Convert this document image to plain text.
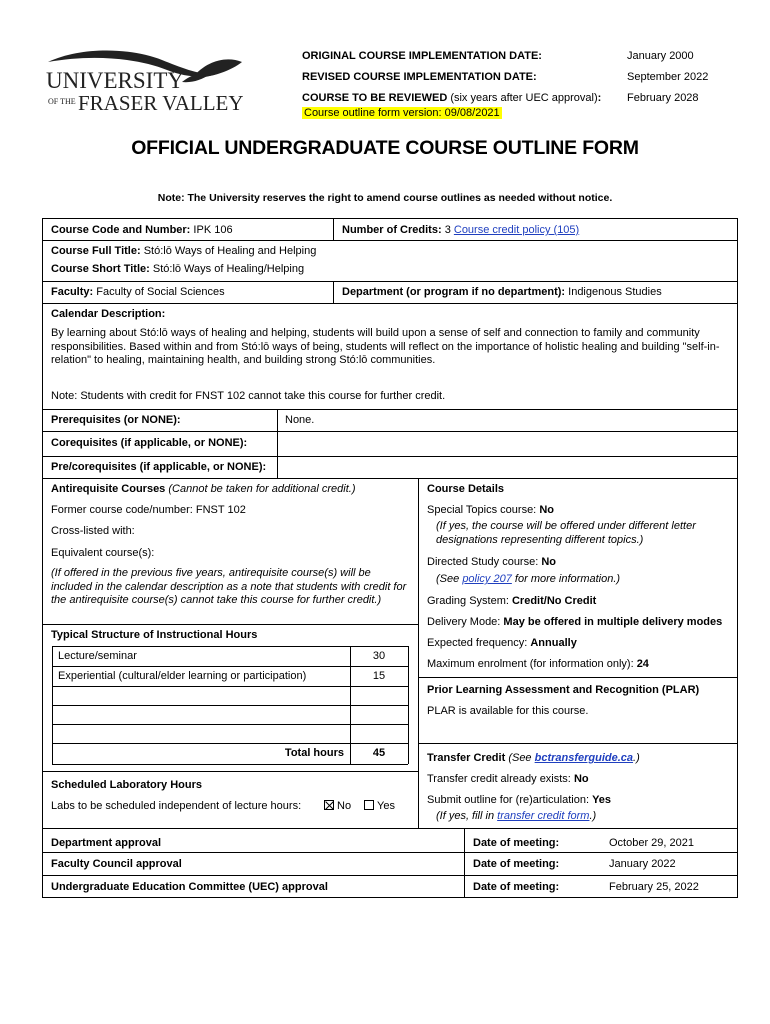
UNIVERSITY
OF THE FRASER VALLEY
ORIGINAL COURSE IMPLEMENTATION DATE:	January 2000
REVISED COURSE IMPLEMENTATION DATE:	September 2022
COURSE TO BE REVIEWED (six years after UEC approval): February 2028
Course outline form version: 09/08/2021
OFFICIAL UNDERGRADUATE COURSE OUTLINE FORM
Note: The University reserves the right to amend course outlines as needed without notice.
Course Code and Number: IPK 106	Number of Credits: 3 Course credit policy (105)
Course Full Title: Stó:lō Ways of Healing and Helping
Course Short Title: Stó:lō Ways of Healing/Helping
Faculty: Faculty of Social Sciences	Department (or program if no department): Indigenous Studies
Calendar Description:
By learning about Stó:lō ways of healing and helping, students will build upon a sense of self and connection to family and community responsibilities. Based within and from Stó:lō ways of being, students will reflect on the importance of holistic healing and building "self-in-relation" to healing, maintaining health, and building strong Stó:lō communities.
Note: Students with credit for FNST 102 cannot take this course for further credit.
Prerequisites (or NONE):	None.
Corequisites (if applicable, or NONE):
Pre/corequisites (if applicable, or NONE):
Antirequisite Courses (Cannot be taken for additional credit.)
Former course code/number: FNST 102
Cross-listed with:
Equivalent course(s):
(If offered in the previous five years, antirequisite course(s) will be included in the calendar description as a note that students with credit for the antirequisite course(s) cannot take this course for further credit.)
Typical Structure of Instructional Hours
Lecture/seminar	30
Experiential (cultural/elder learning or participation)	15
Total hours	45
Scheduled Laboratory Hours
Labs to be scheduled independent of lecture hours:	No	Yes
Course Details
Special Topics course: No
(If yes, the course will be offered under different letter designations representing different topics.)
Directed Study course: No
(See policy 207 for more information.)
Grading System: Credit/No Credit
Delivery Mode: May be offered in multiple delivery modes
Expected frequency: Annually
Maximum enrolment (for information only): 24
Prior Learning Assessment and Recognition (PLAR)
PLAR is available for this course.
Transfer Credit (See bctransferguide.ca.)
Transfer credit already exists: No
Submit outline for (re)articulation: Yes
(If yes, fill in transfer credit form.)
Department approval	Date of meeting:	October 29, 2021
Faculty Council approval	Date of meeting:	January 2022
Undergraduate Education Committee (UEC) approval	Date of meeting:	February 25, 2022
